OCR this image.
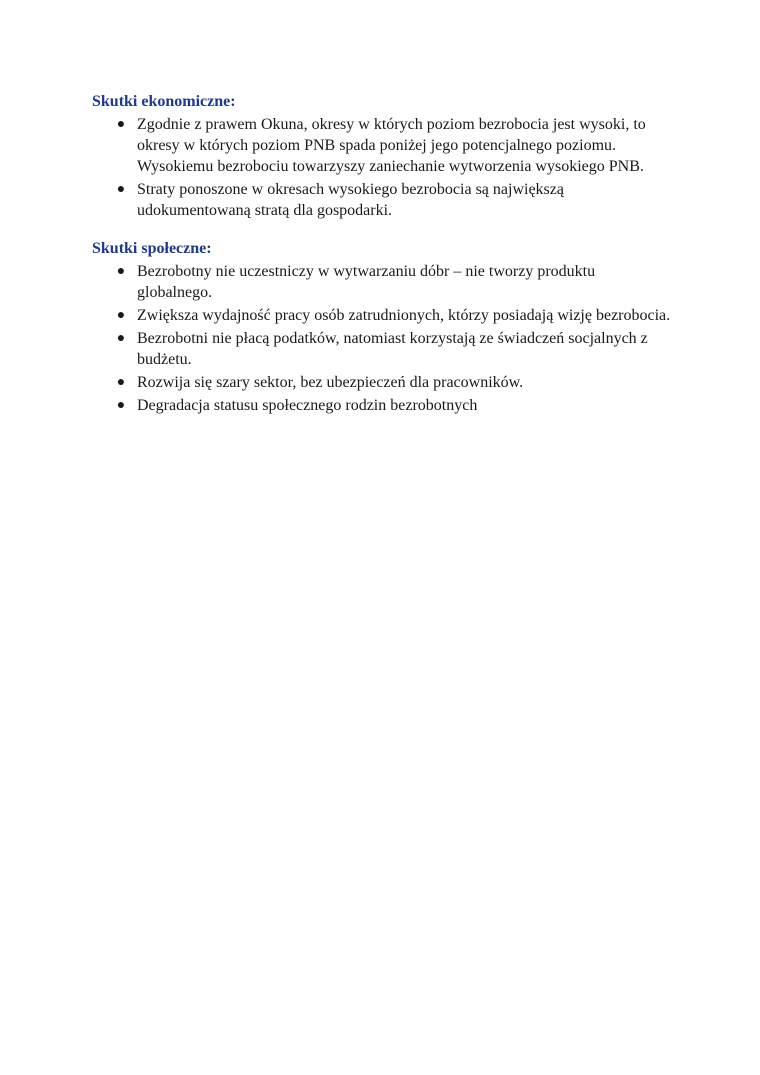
Skutki ekonomiczne:
● Zgodnie z prawem Okuna, okresy w których poziom bezrobocia jest wysoki, to okresy w których poziom PNB spada poniżej jego potencjalnego poziomu. Wysokiemu bezrobociu towarzyszy zaniechanie wytworzenia wysokiego PNB.
● Straty ponoszone w okresach wysokiego bezrobocia są największą udokumentowaną stratą dla gospodarki.
Skutki społeczne:
● Bezrobotny nie uczestniczy w wytwarzaniu dóbr – nie tworzy produktu globalnego.
● Zwiększa wydajność pracy osób zatrudnionych, którzy posiadają wizję bezrobocia.
● Bezrobotni nie płacą podatków, natomiast korzystają ze świadczeń socjalnych z budżetu.
● Rozwija się szary sektor, bez ubezpieczeń dla pracowników.
● Degradacja statusu społecznego rodzin bezrobotnych
